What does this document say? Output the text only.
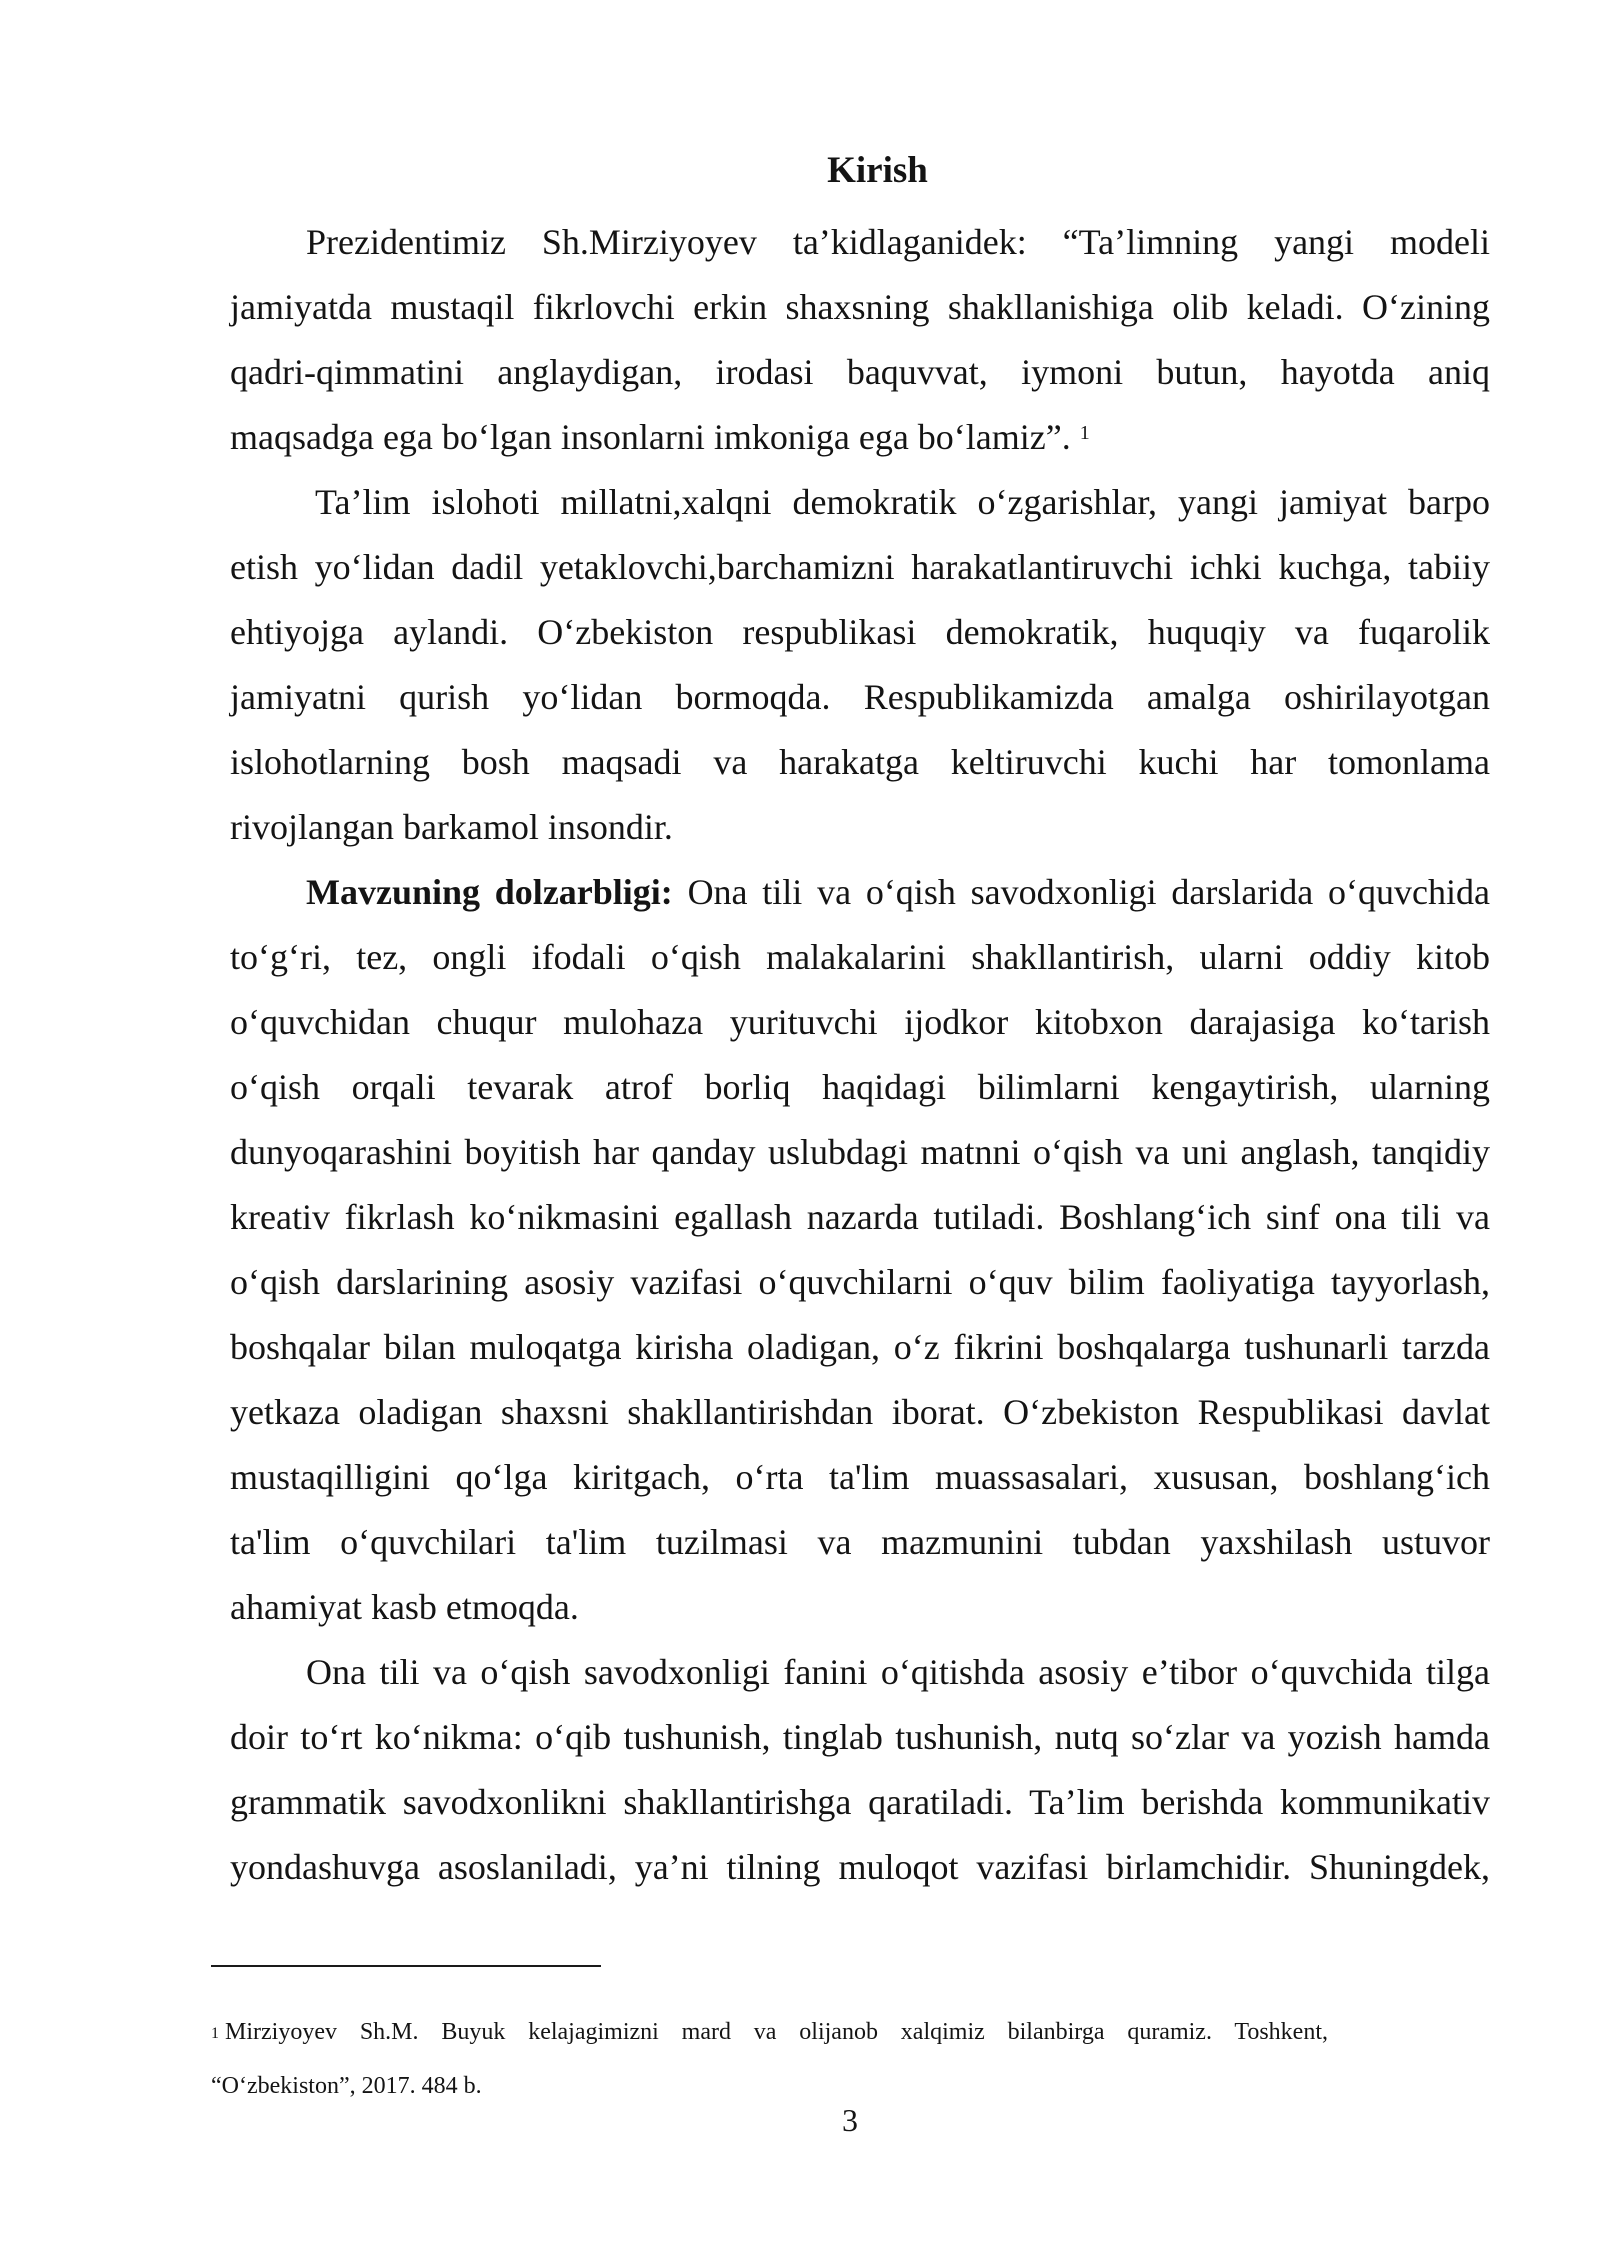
Kirish
Prezidentimiz Sh.Mirziyoyev ta’kidlaganidek: “Ta’limning yangi modeli
jamiyatda mustaqil fikrlovchi erkin shaxsning shakllanishiga olib keladi. O‘zining
qadri-qimmatini anglaydigan, irodasi baquvvat, iymoni butun, hayotda aniq
maqsadga ega bo‘lgan insonlarni imkoniga ega bo‘lamiz”. $^1$
Ta’lim islohoti millatni,xalqni demokratik o‘zgarishlar, yangi jamiyat barpo
etish yo‘lidan dadil yetaklovchi,barchamizni harakatlantiruvchi ichki kuchga, tabiiy
ehtiyojga aylandi. O‘zbekiston respublikasi demokratik, huquqiy va fuqarolik
jamiyatni qurish yo‘lidan bormoqda. Respublikamizda amalga oshirilayotgan
islohotlarning bosh maqsadi va harakatga keltiruvchi kuchi har tomonlama
rivojlangan barkamol insondir.
Mavzuning dolzarbligi: Ona tili va o‘qish savodxonligi darslarida o‘quvchida
to‘g‘ri, tez, ongli ifodali o‘qish malakalarini shakllantirish, ularni oddiy kitob
o‘quvchidan chuqur mulohaza yurituvchi ijodkor kitobxon darajasiga ko‘tarish
o‘qish orqali tevarak atrof borliq haqidagi bilimlarni kengaytirish, ularning
dunyoqarashini boyitish har qanday uslubdagi matnni o‘qish va uni anglash, tanqidiy
kreativ fikrlash ko‘nikmasini egallash nazarda tutiladi. Boshlang‘ich sinf ona tili va
o‘qish darslarining asosiy vazifasi o‘quvchilarni o‘quv bilim faoliyatiga tayyorlash,
boshqalar bilan muloqatga kirisha oladigan, o‘z fikrini boshqalarga tushunarli tarzda
yetkaza oladigan shaxsni shakllantirishdan iborat. O‘zbekiston Respublikasi davlat
mustaqilligini qo‘lga kiritgach, o‘rta ta'lim muassasalari, xususan, boshlang‘ich
ta'lim o‘quvchilari ta'lim tuzilmasi va mazmunini tubdan yaxshilash ustuvor
ahamiyat kasb etmoqda.
Ona tili va o‘qish savodxonligi fanini o‘qitishda asosiy e’tibor o‘quvchida tilga
doir to‘rt ko‘nikma: o‘qib tushunish, tinglab tushunish, nutq so‘zlar va yozish hamda
grammatik savodxonlikni shakllantirishga qaratiladi. Ta’lim berishda kommunikativ
yondashuvga asoslaniladi, ya’ni tilning muloqot vazifasi birlamchidir. Shuningdek,
$^1$ Mirziyoyev Sh.M. Buyuk kelajagimizni mard va olijanob xalqimiz bilanbirga quramiz. Toshkent,
“O‘zbekiston”, 2017. 484 b.
3
